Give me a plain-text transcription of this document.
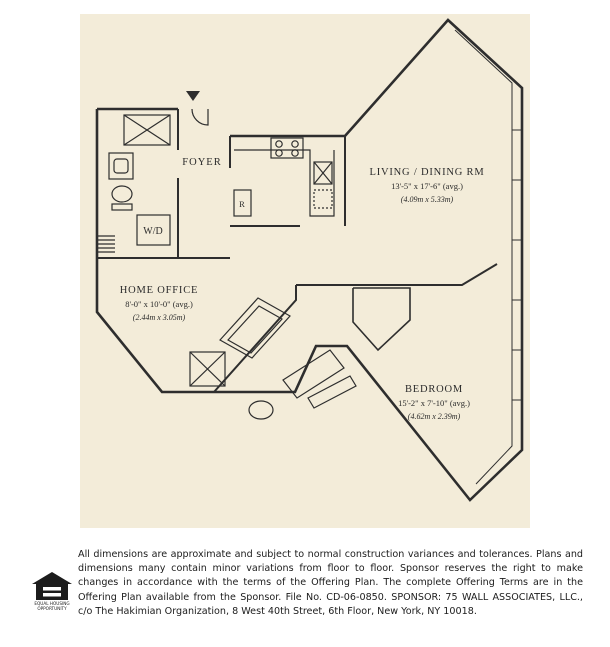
FOYER
LIVING / DINING RM
13'-5" x 17'-6" (avg.)
(4.09m x 5.33m)
HOME OFFICE
8'-0" x 10'-0" (avg.)
(2.44m x 3.05m)
BEDROOM
15'-2" x 7'-10" (avg.)
(4.62m x 2.39m)
W/D
R
EQUAL HOUSING OPPORTUNITY

All dimensions are approximate and subject to normal construction variances and tolerances. Plans and dimensions many contain minor variations from floor to floor. Sponsor reserves the right to make changes in accordance with the terms of the Offering Plan. The complete Offering Terms are in the Offering Plan available from the Sponsor. File No. CD-06-0850. SPONSOR: 75 WALL ASSOCIATES, LLC., c/o The Hakimian Organization, 8 West 40th Street, 6th Floor, New York, NY 10018.
